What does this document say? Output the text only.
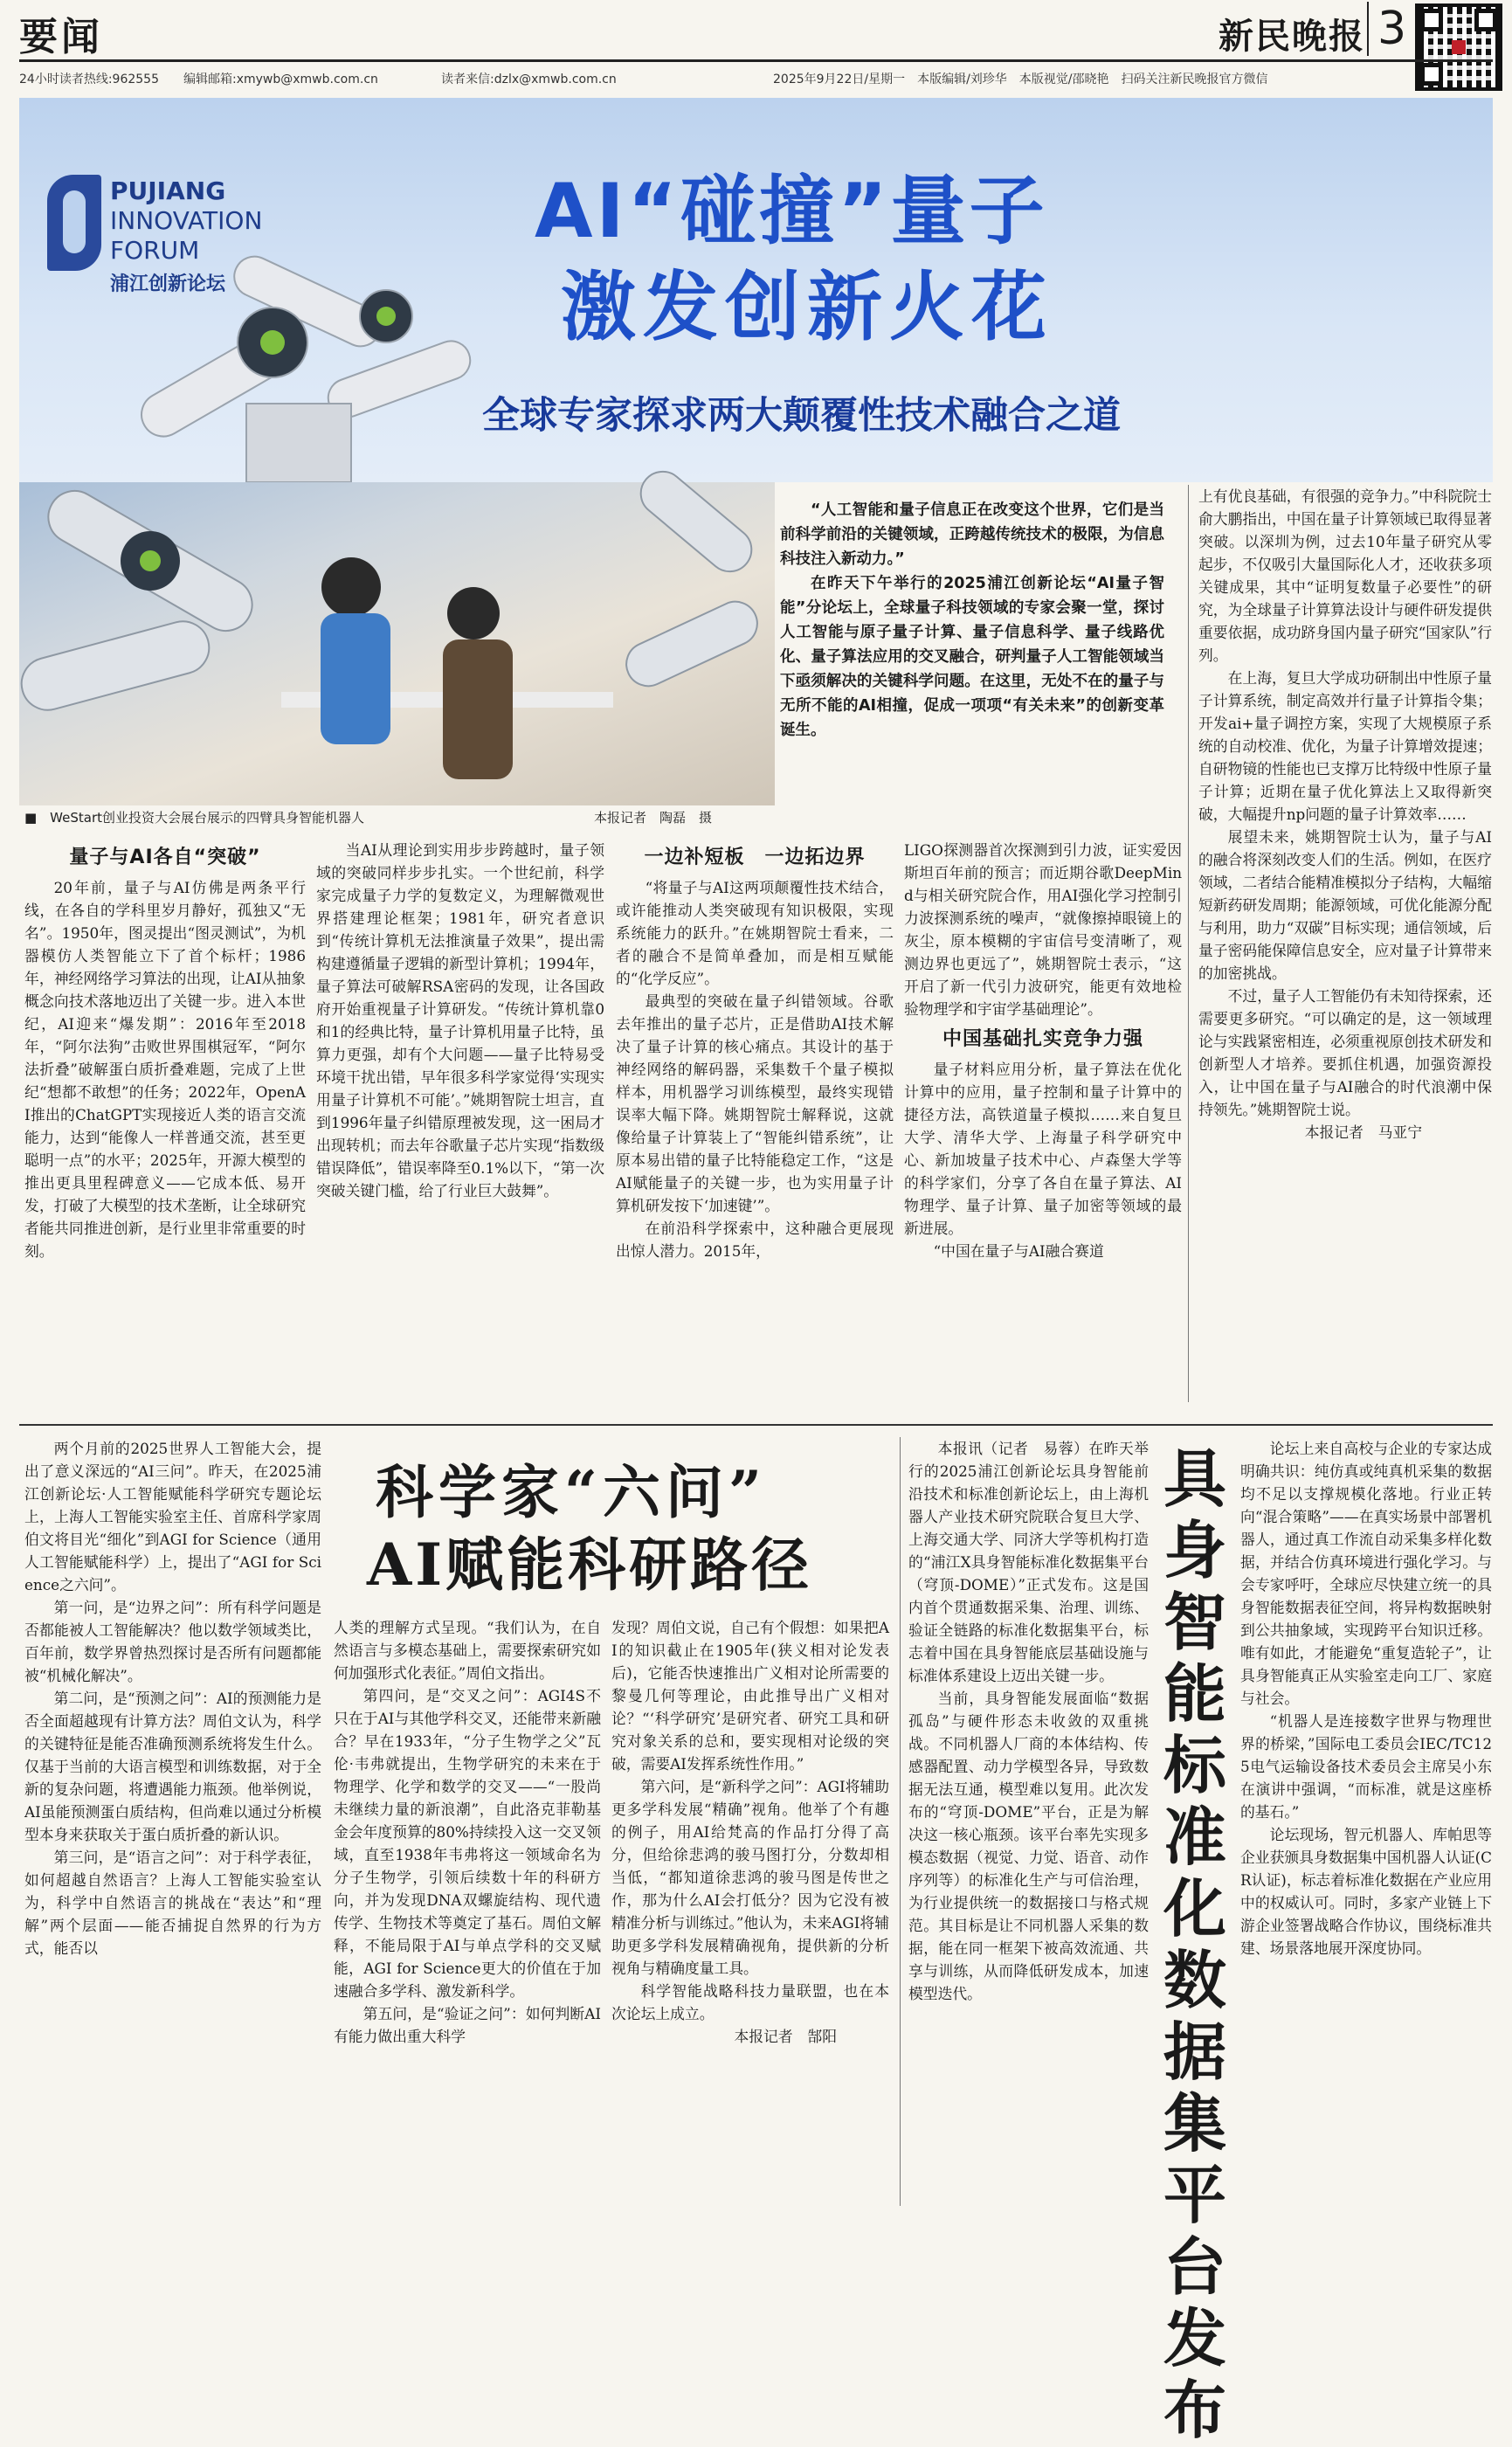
要闻
24小时读者热线:962555 编辑邮箱:xmywb@xmwb.com.cn	读者来信:dzlx@xmwb.com.cn	2025年9月22日/星期一　本版编辑/刘珍华　本版视觉/邵晓艳　扫码关注新民晚报官方微信
新民晚报 3
PUJIANG
INNOVATION
FORUM
浦江创新论坛
AI“碰撞”量子
激发创新火花
全球专家探求两大颠覆性技术融合之道
■　WeStart创业投资大会展台展示的四臂具身智能机器人	本报记者　陶磊　摄

“人工智能和量子信息正在改变这个世界，它们是当前科学前沿的关键领域，正跨越传统技术的极限，为信息科技注入新动力。”

在昨天下午举行的2025浦江创新论坛“AI量子智能”分论坛上，全球量子科技领域的专家会聚一堂，探讨人工智能与原子量子计算、量子信息科学、量子线路优化、量子算法应用的交叉融合，研判量子人工智能领域当下亟须解决的关键科学问题。在这里，无处不在的量子与无所不能的AI相撞，促成一项项“有关未来”的创新变革诞生。

上有优良基础，有很强的竞争力。”中科院院士俞大鹏指出，中国在量子计算领域已取得显著突破。以深圳为例，过去10年量子研究从零起步，不仅吸引大量国际化人才，还收获多项关键成果，其中“证明复数量子必要性”的研究，为全球量子计算算法设计与硬件研发提供重要依据，成功跻身国内量子研究“国家队”行列。

在上海，复旦大学成功研制出中性原子量子计算系统，制定高效并行量子计算指令集；开发ai+量子调控方案，实现了大规模原子系统的自动校准、优化，为量子计算增效提速；自研物镜的性能也已支撑万比特级中性原子量子计算；近期在量子优化算法上又取得新突破，大幅提升np问题的量子计算效率……

展望未来，姚期智院士认为，量子与AI的融合将深刻改变人们的生活。例如，在医疗领域，二者结合能精准模拟分子结构，大幅缩短新药研发周期；能源领域，可优化能源分配与利用，助力“双碳”目标实现；通信领域，后量子密码能保障信息安全，应对量子计算带来的加密挑战。

不过，量子人工智能仍有未知待探索，还需要更多研究。“可以确定的是，这一领域理论与实践紧密相连，必须重视原创技术研发和创新型人才培养。要抓住机遇，加强资源投入，让中国在量子与AI融合的时代浪潮中保持领先。”姚期智院士说。

本报记者　马亚宁
量子与AI各自“突破”

20年前，量子与AI仿佛是两条平行线，在各自的学科里岁月静好，孤独又“无名”。1950年，图灵提出“图灵测试”，为机器模仿人类智能立下了首个标杆；1986年，神经网络学习算法的出现，让AI从抽象概念向技术落地迈出了关键一步。进入本世纪，AI迎来“爆发期”：2016年至2018年，“阿尔法狗”击败世界围棋冠军，“阿尔法折叠”破解蛋白质折叠难题，完成了上世纪“想都不敢想”的任务；2022年，OpenAI推出的ChatGPT实现接近人类的语言交流能力，达到“能像人一样普通交流，甚至更聪明一点”的水平；2025年，开源大模型的推出更具里程碑意义——它成本低、易开发，打破了大模型的技术垄断，让全球研究者能共同推进创新，是行业里非常重要的时刻。

当AI从理论到实用步步跨越时，量子领域的突破同样步步扎实。一个世纪前，科学家完成量子力学的复数定义，为理解微观世界搭建理论框架；1981年，研究者意识到“传统计算机无法推演量子效果”，提出需构建遵循量子逻辑的新型计算机；1994年，量子算法可破解RSA密码的发现，让各国政府开始重视量子计算研发。“传统计算机靠0和1的经典比特，量子计算机用量子比特，虽算力更强，却有个大问题——量子比特易受环境干扰出错，早年很多科学家觉得‘实现实用量子计算机不可能’。”姚期智院士坦言，直到1996年量子纠错原理被发现，这一困局才出现转机；而去年谷歌量子芯片实现“指数级错误降低”，错误率降至0.1%以下，“第一次突破关键门槛，给了行业巨大鼓舞”。

一边补短板　一边拓边界

“将量子与AI这两项颠覆性技术结合，或许能推动人类突破现有知识极限，实现系统能力的跃升。”在姚期智院士看来，二者的融合不是简单叠加，而是相互赋能的“化学反应”。

最典型的突破在量子纠错领域。谷歌去年推出的量子芯片，正是借助AI技术解决了量子计算的核心痛点。其设计的基于神经网络的解码器，采集数千个量子模拟样本，用机器学习训练模型，最终实现错误率大幅下降。姚期智院士解释说，这就像给量子计算装上了“智能纠错系统”，让原本易出错的量子比特能稳定工作，“这是AI赋能量子的关键一步，也为实用量子计算机研发按下‘加速键’”。

在前沿科学探索中，这种融合更展现出惊人潜力。2015年，

LIGO探测器首次探测到引力波，证实爱因斯坦百年前的预言；而近期谷歌DeepMind与相关研究院合作，用AI强化学习控制引力波探测系统的噪声，“就像擦掉眼镜上的灰尘，原本模糊的宇宙信号变清晰了，观测边界也更远了”，姚期智院士表示，“这开启了新一代引力波研究，能更有效地检验物理学和宇宙学基础理论”。

中国基础扎实竞争力强

量子材料应用分析，量子算法在优化计算中的应用，量子控制和量子计算中的捷径方法，高铁道量子模拟……来自复旦大学、清华大学、上海量子科学研究中心、新加坡量子技术中心、卢森堡大学等的科学家们，分享了各自在量子算法、AI物理学、量子计算、量子加密等领域的最新进展。

“中国在量子与AI融合赛道

科学家“六问”
AI赋能科研路径

两个月前的2025世界人工智能大会，提出了意义深远的“AI三问”。昨天，在2025浦江创新论坛·人工智能赋能科学研究专题论坛上，上海人工智能实验室主任、首席科学家周伯文将目光“细化”到AGI for Science（通用人工智能赋能科学）上，提出了“AGI for Science之六问”。

第一问，是“边界之问”：所有科学问题是否都能被人工智能解决？他以数学领域类比，百年前，数学界曾热烈探讨是否所有问题都能被“机械化解决”。

第二问，是“预测之问”：AI的预测能力是否全面超越现有计算方法？周伯文认为，科学的关键特征是能否准确预测系统将发生什么。仅基于当前的大语言模型和训练数据，对于全新的复杂问题，将遭遇能力瓶颈。他举例说，AI虽能预测蛋白质结构，但尚难以通过分析模型本身来获取关于蛋白质折叠的新认识。

第三问，是“语言之问”：对于科学表征，如何超越自然语言？上海人工智能实验室认为，科学中自然语言的挑战在“表达”和“理解”两个层面——能否捕捉自然界的行为方式，能否以

人类的理解方式呈现。“我们认为，在自然语言与多模态基础上，需要探索研究如何加强形式化表征。”周伯文指出。

第四问，是“交叉之问”：AGI4S不只在于AI与其他学科交叉，还能带来新融合？早在1933年，“分子生物学之父”瓦伦·韦弗就提出，生物学研究的未来在于物理学、化学和数学的交叉——“一股尚未继续力量的新浪潮”，自此洛克菲勒基金会年度预算的80%持续投入这一交叉领域，直至1938年韦弗将这一领域命名为分子生物学，引领后续数十年的科研方向，并为发现DNA双螺旋结构、现代遗传学、生物技术等奠定了基石。周伯文解释，不能局限于AI与单点学科的交叉赋能，AGI for Science更大的价值在于加速融合多学科、激发新科学。

第五问，是“验证之问”：如何判断AI有能力做出重大科学

发现？周伯文说，自己有个假想：如果把AI的知识截止在1905年(狭义相对论发表后)，它能否快速推出广义相对论所需要的黎曼几何等理论，由此推导出广义相对论？“‘科学研究’是研究者、研究工具和研究对象关系的总和，要实现相对论级的突破，需要AI发挥系统性作用。”

第六问，是“新科学之问”：AGI将辅助更多学科发展“精确”视角。他举了个有趣的例子，用AI给梵高的作品打分得了高分，但给徐悲鸿的骏马图打分，分数却相当低，“都知道徐悲鸿的骏马图是传世之作，那为什么AI会打低分？因为它没有被精准分析与训练过。”他认为，未来AGI将辅助更多学科发展精确视角，提供新的分析视角与精确度量工具。

科学智能战略科技力量联盟，也在本次论坛上成立。

本报记者　郜阳

本报讯（记者　易蓉）在昨天举行的2025浦江创新论坛具身智能前沿技术和标准创新论坛上，由上海机器人产业技术研究院联合复旦大学、上海交通大学、同济大学等机构打造的“浦江X具身智能标准化数据集平台（穹顶-DOME）”正式发布。这是国内首个贯通数据采集、治理、训练、验证全链路的标准化数据集平台，标志着中国在具身智能底层基础设施与标准体系建设上迈出关键一步。

当前，具身智能发展面临“数据孤岛”与硬件形态未收敛的双重挑战。不同机器人厂商的本体结构、传感器配置、动力学模型各异，导致数据无法互通，模型难以复用。此次发布的“穹顶-DOME”平台，正是为解决这一核心瓶颈。该平台率先实现多模态数据（视觉、力觉、语音、动作序列等）的标准化生产与可信治理，为行业提供统一的数据接口与格式规范。其目标是让不同机器人采集的数据，能在同一框架下被高效流通、共享与训练，从而降低研发成本，加速模型迭代。

具身智能标准化数据集平台发布

论坛上来自高校与企业的专家达成明确共识：纯仿真或纯真机采集的数据均不足以支撑规模化落地。行业正转向“混合策略”——在真实场景中部署机器人，通过真工作流自动采集多样化数据，并结合仿真环境进行强化学习。与会专家呼吁，全球应尽快建立统一的具身智能数据表征空间，将异构数据映射到公共抽象域，实现跨平台知识迁移。唯有如此，才能避免“重复造轮子”，让具身智能真正从实验室走向工厂、家庭与社会。

“机器人是连接数字世界与物理世界的桥梁，”国际电工委员会IEC/TC125电气运输设备技术委员会主席吴小东在演讲中强调，“而标准，就是这座桥的基石。”

论坛现场，智元机器人、库帕思等企业获颁具身数据集中国机器人认证(CR认证)，标志着标准化数据在产业应用中的权威认可。同时，多家产业链上下游企业签署战略合作协议，围绕标准共建、场景落地展开深度协同。
